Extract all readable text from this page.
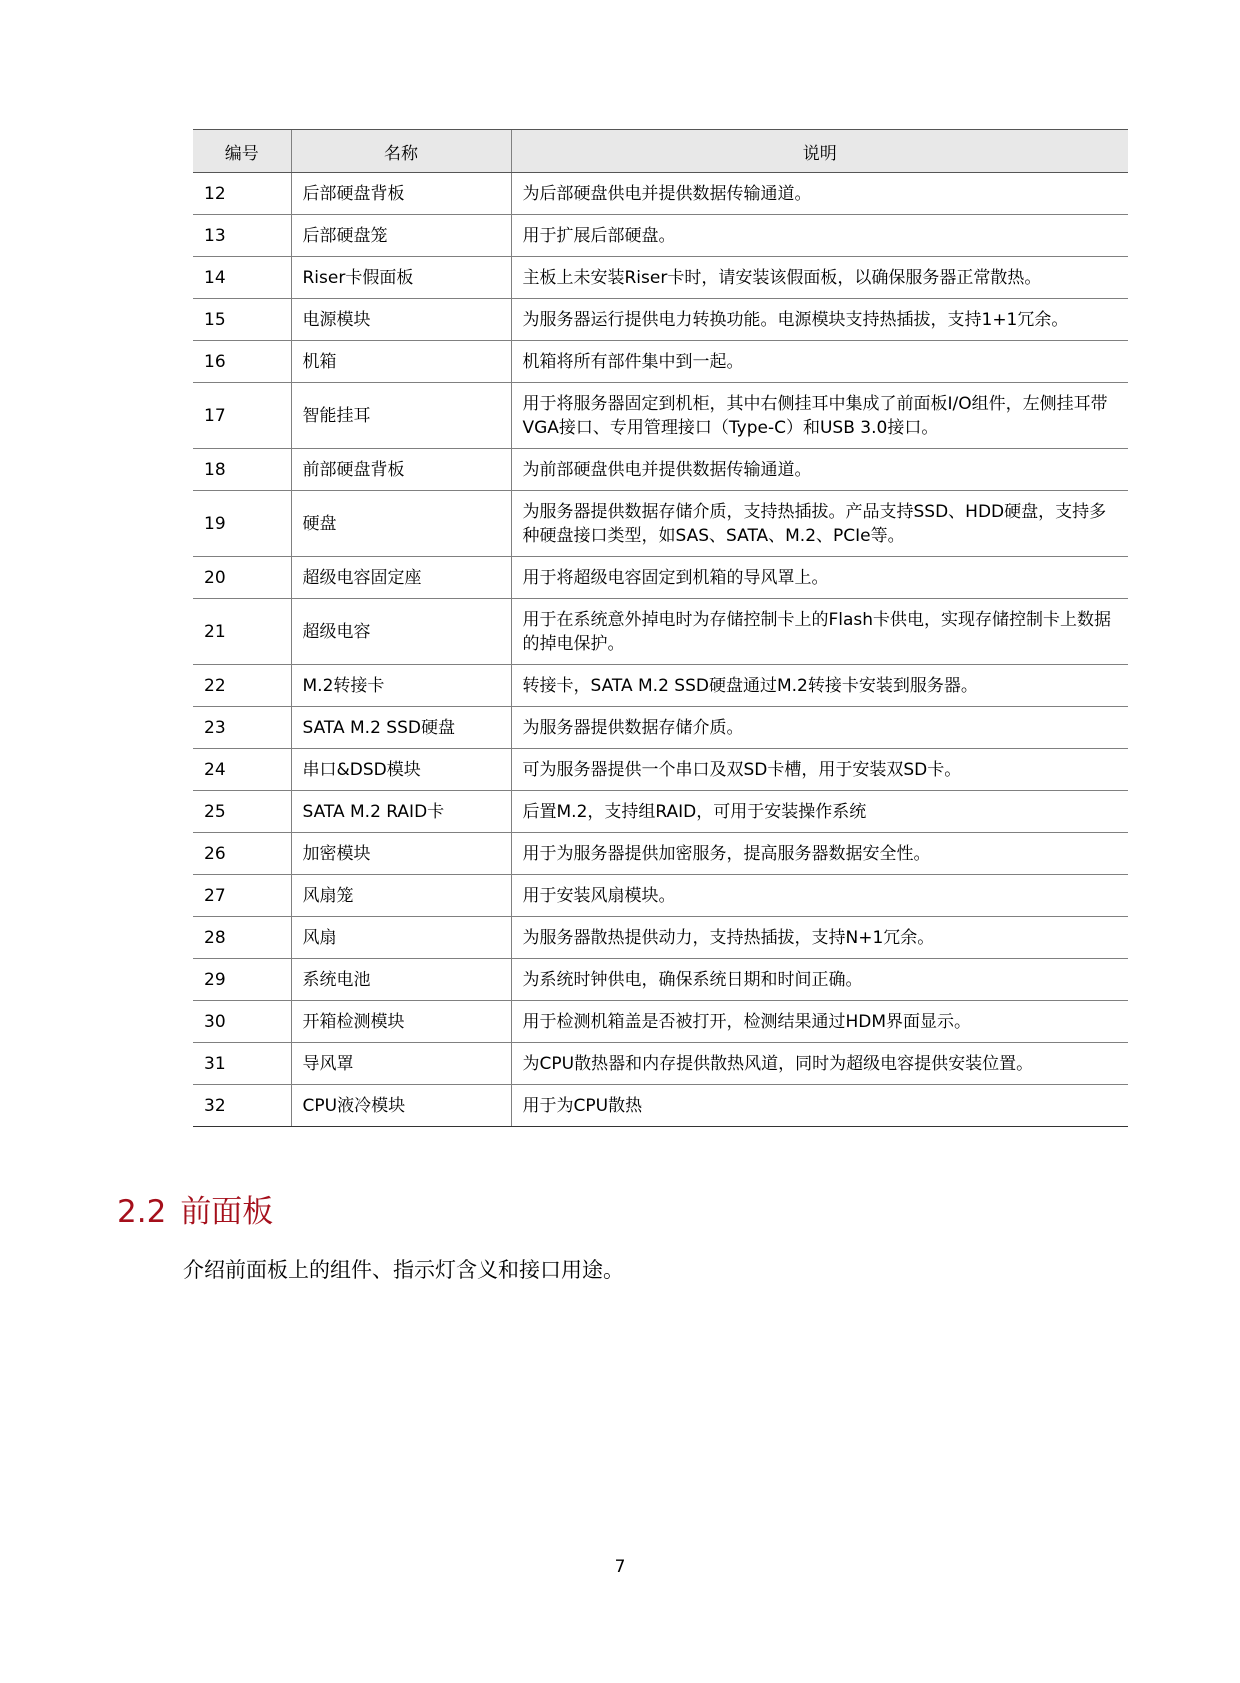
编号	名称	说明
12	后部硬盘背板	为后部硬盘供电并提供数据传输通道。
13	后部硬盘笼	用于扩展后部硬盘。
14	Riser卡假面板	主板上未安装Riser卡时，请安装该假面板，以确保服务器正常散热。
15	电源模块	为服务器运行提供电力转换功能。电源模块支持热插拔，支持1+1冗余。
16	机箱	机箱将所有部件集中到一起。
17	智能挂耳	用于将服务器固定到机柜，其中右侧挂耳中集成了前面板I/O组件，左侧挂耳带VGA接口、专用管理接口（Type-C）和USB 3.0接口。
18	前部硬盘背板	为前部硬盘供电并提供数据传输通道。
19	硬盘	为服务器提供数据存储介质，支持热插拔。产品支持SSD、HDD硬盘，支持多种硬盘接口类型，如SAS、SATA、M.2、PCIe等。
20	超级电容固定座	用于将超级电容固定到机箱的导风罩上。
21	超级电容	用于在系统意外掉电时为存储控制卡上的Flash卡供电，实现存储控制卡上数据的掉电保护。
22	M.2转接卡	转接卡，SATA M.2 SSD硬盘通过M.2转接卡安装到服务器。
23	SATA M.2 SSD硬盘	为服务器提供数据存储介质。
24	串口&DSD模块	可为服务器提供一个串口及双SD卡槽，用于安装双SD卡。
25	SATA M.2 RAID卡	后置M.2，支持组RAID，可用于安装操作系统
26	加密模块	用于为服务器提供加密服务，提高服务器数据安全性。
27	风扇笼	用于安装风扇模块。
28	风扇	为服务器散热提供动力，支持热插拔，支持N+1冗余。
29	系统电池	为系统时钟供电，确保系统日期和时间正确。
30	开箱检测模块	用于检测机箱盖是否被打开，检测结果通过HDM界面显示。
31	导风罩	为CPU散热器和内存提供散热风道，同时为超级电容提供安装位置。
32	CPU液冷模块	用于为CPU散热
2.2 前面板

介绍前面板上的组件、指示灯含义和接口用途。

7
